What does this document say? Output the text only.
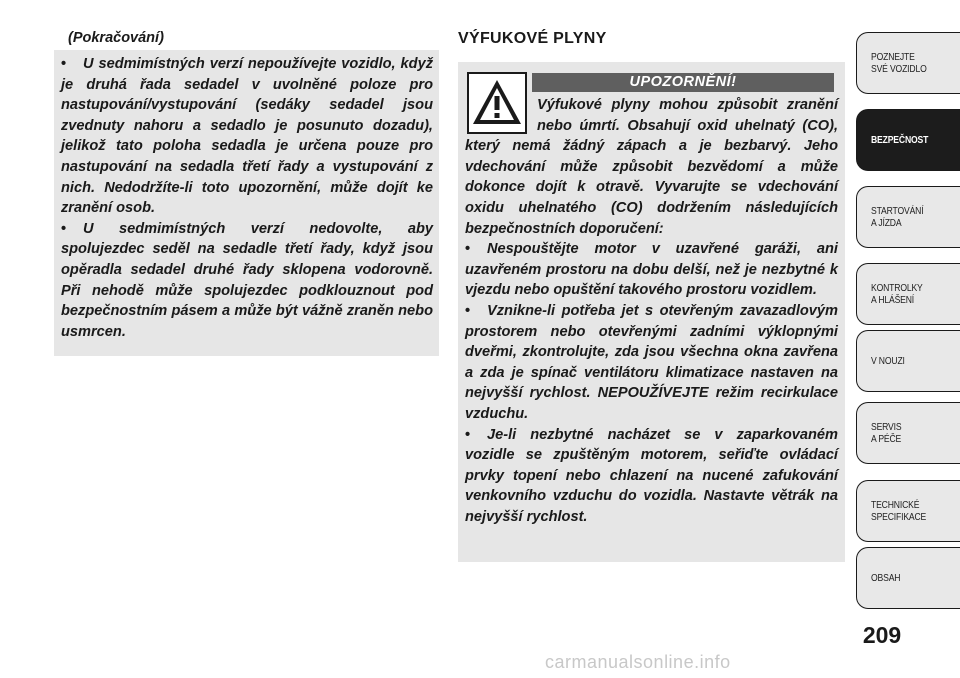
(Pokračování)

• U sedmimístných verzí nepoužívejte vozidlo, když je druhá řada sedadel v uvolněné poloze pro nastupování/vystupování (sedáky sedadel jsou zvednuty nahoru a sedadlo je posunuto dozadu), jelikož tato poloha sedadla je určena pouze pro nastupování na sedadla třetí řady a vystupování z nich. Nedodržíte-li toto upozornění, může dojít ke zranění osob.

• U sedmimístných verzí nedovolte, aby spolujezdec seděl na sedadle třetí řady, když jsou opěradla sedadel druhé řady sklopena vodorovně. Při nehodě může spolujezdec podklouznout pod bezpečnostním pásem a může být vážně zraněn nebo usmrcen.

VÝFUKOVÉ PLYNY
UPOZORNĚNÍ!

Výfukové plyny mohou způsobit zranění nebo úmrtí. Obsahují oxid uhelnatý (CO), který nemá žádný zápach a je bezbarvý. Jeho vdechování může způsobit bezvědomí a může dokonce dojít k otravě. Vyvarujte se vdechování oxidu uhelnatého (CO) dodržením následujících bezpečnostních doporučení:

• Nespouštějte motor v uzavřené garáži, ani uzavřeném prostoru na dobu delší, než je nezbytné k vjezdu nebo opuštění takového prostoru vozidlem.

• Vznikne-li potřeba jet s otevřeným zavazadlovým prostorem nebo otevřenými zadními výklopnými dveřmi, zkontrolujte, zda jsou všechna okna zavřena a zda je spínač ventilátoru klimatizace nastaven na nejvyšší rychlost. NEPOUŽÍVEJTE režim recirkulace vzduchu.

• Je-li nezbytné nacházet se v zaparkovaném vozidle se zpuštěným motorem, seřiďte ovládací prvky topení nebo chlazení na nucené zafukování venkovního vzduchu do vozidla. Nastavte větrák na nejvyšší rychlost.

POZNEJTE
SVÉ VOZIDLO
BEZPEČNOST
STARTOVÁNÍ
A JÍZDA
KONTROLKY
A HLÁŠENÍ
V NOUZI
SERVIS
A PÉČE
TECHNICKÉ
SPECIFIKACE
OBSAH
209
carmanualsonline.info
